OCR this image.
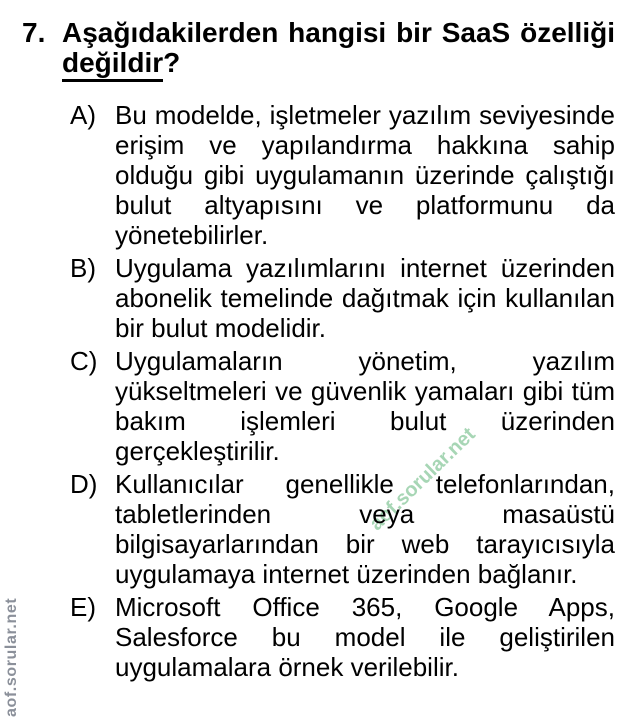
aof.sorular.net
aof.sorular.net
7. Aşağıdakilerden hangisi bir SaaS özelliği
değildir?
A) Bu modelde, işletmeler yazılım seviyesinde
erişim ve yapılandırma hakkına sahip
olduğu gibi uygulamanın üzerinde çalıştığı
bulut altyapısını ve platformunu da
yönetebilirler.
B) Uygulama yazılımlarını internet üzerinden
abonelik temelinde dağıtmak için kullanılan
bir bulut modelidir.
C) Uygulamaların yönetim, yazılım
yükseltmeleri ve güvenlik yamaları gibi tüm
bakım işlemleri bulut üzerinden
gerçekleştirilir.
D) Kullanıcılar genellikle telefonlarından,
tabletlerinden veya masaüstü
bilgisayarlarından bir web tarayıcısıyla
uygulamaya internet üzerinden bağlanır.
E) Microsoft Office 365, Google Apps,
Salesforce bu model ile geliştirilen
uygulamalara örnek verilebilir.
